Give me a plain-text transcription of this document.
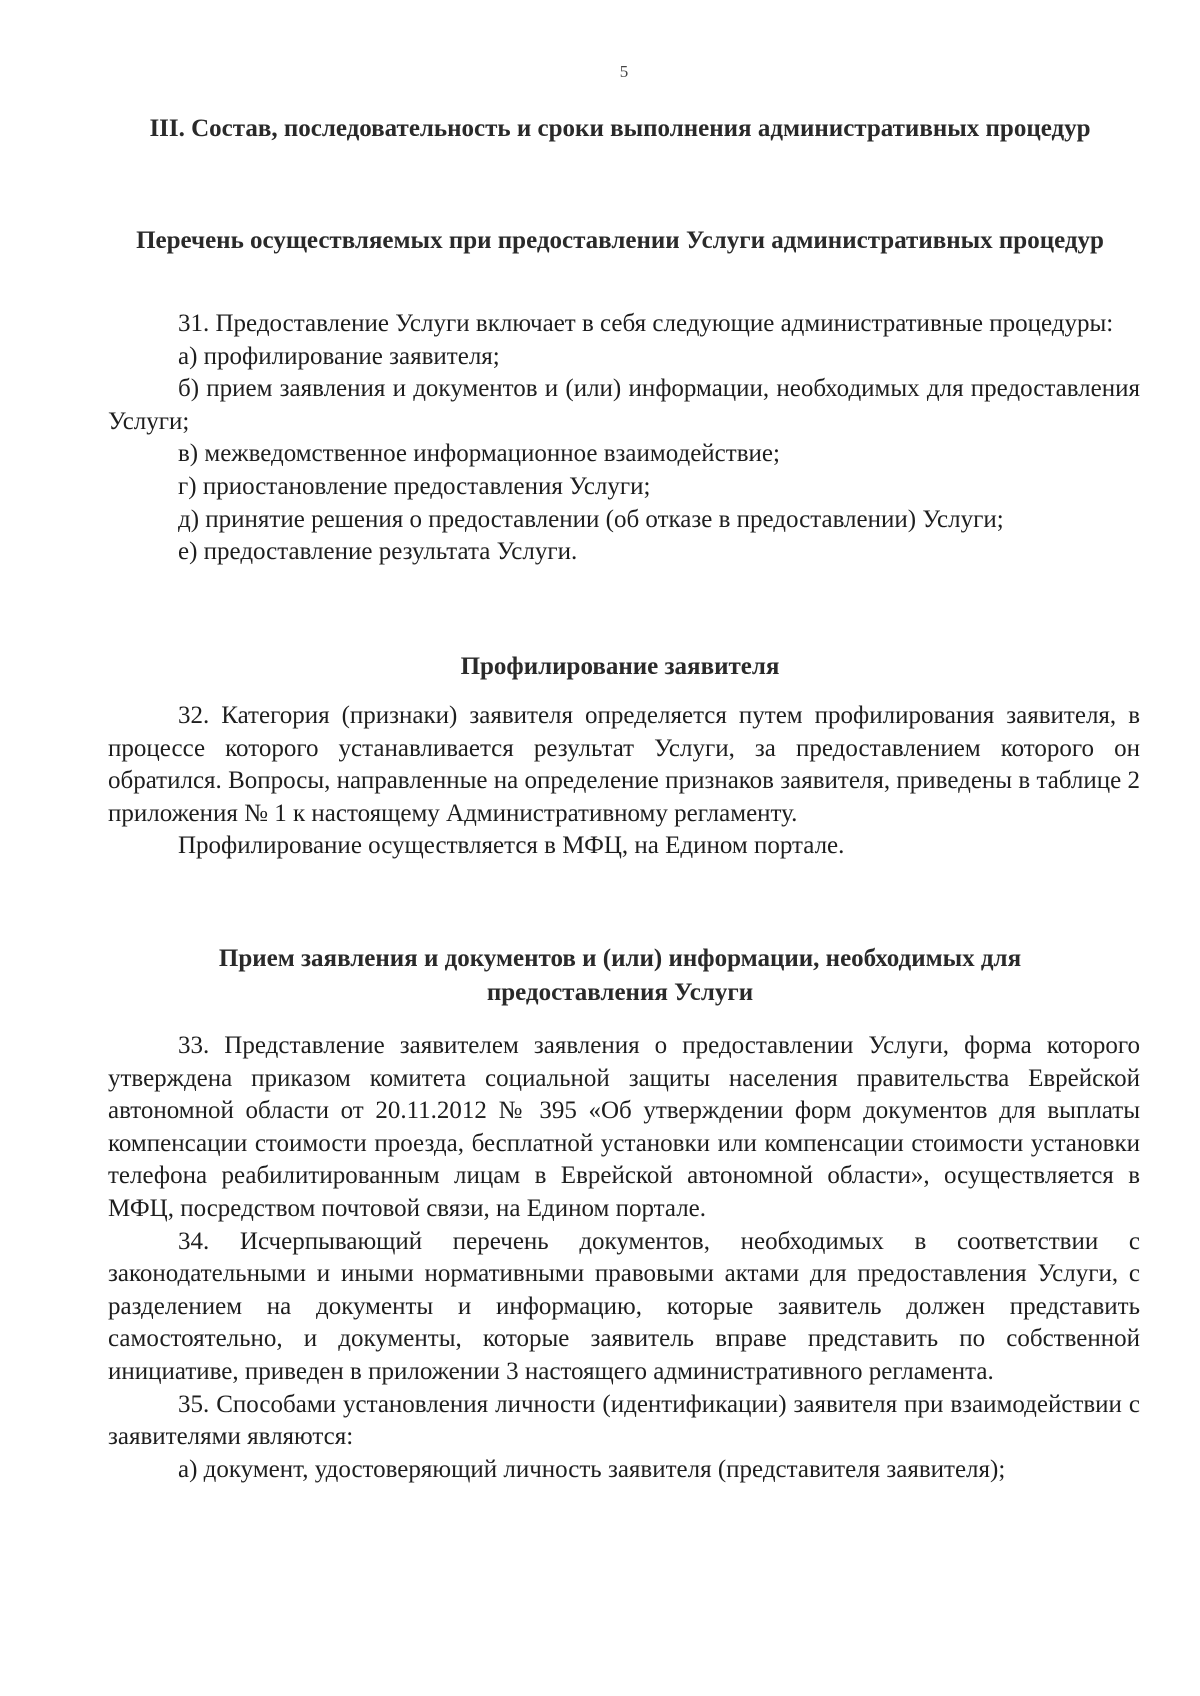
5
III. Состав, последовательность и сроки выполнения административных процедур
Перечень осуществляемых при предоставлении Услуги административных процедур

31. Предоставление Услуги включает в себя следующие административные процедуры:

а) профилирование заявителя;

б) прием заявления и документов и (или) информации, необходимых для предоставления Услуги;

в) межведомственное информационное взаимодействие;

г) приостановление предоставления Услуги;

д) принятие решения о предоставлении (об отказе в предоставлении) Услуги;

е) предоставление результата Услуги.

Профилирование заявителя

32. Категория (признаки) заявителя определяется путем профилирования заявителя, в процессе которого устанавливается результат Услуги, за предоставлением которого он обратился. Вопросы, направленные на определение признаков заявителя, приведены в таблице 2 приложения № 1 к настоящему Административному регламенту.

Профилирование осуществляется в МФЦ, на Едином портале.

Прием заявления и документов и (или) информации, необходимых для предоставления Услуги

33. Представление заявителем заявления о предоставлении Услуги, форма которого утверждена приказом комитета социальной защиты населения правительства Еврейской автономной области от 20.11.2012 № 395 «Об утверждении форм документов для выплаты компенсации стоимости проезда, бесплатной установки или компенсации стоимости установки телефона реабилитированным лицам в Еврейской автономной области», осуществляется в МФЦ, посредством почтовой связи, на Едином портале.

34. Исчерпывающий перечень документов, необходимых в соответствии с законодательными и иными нормативными правовыми актами для предоставления Услуги, с разделением на документы и информацию, которые заявитель должен представить самостоятельно, и документы, которые заявитель вправе представить по собственной инициативе, приведен в приложении 3 настоящего административного регламента.

35. Способами установления личности (идентификации) заявителя при взаимодействии с заявителями являются:

а) документ, удостоверяющий личность заявителя (представителя заявителя);
